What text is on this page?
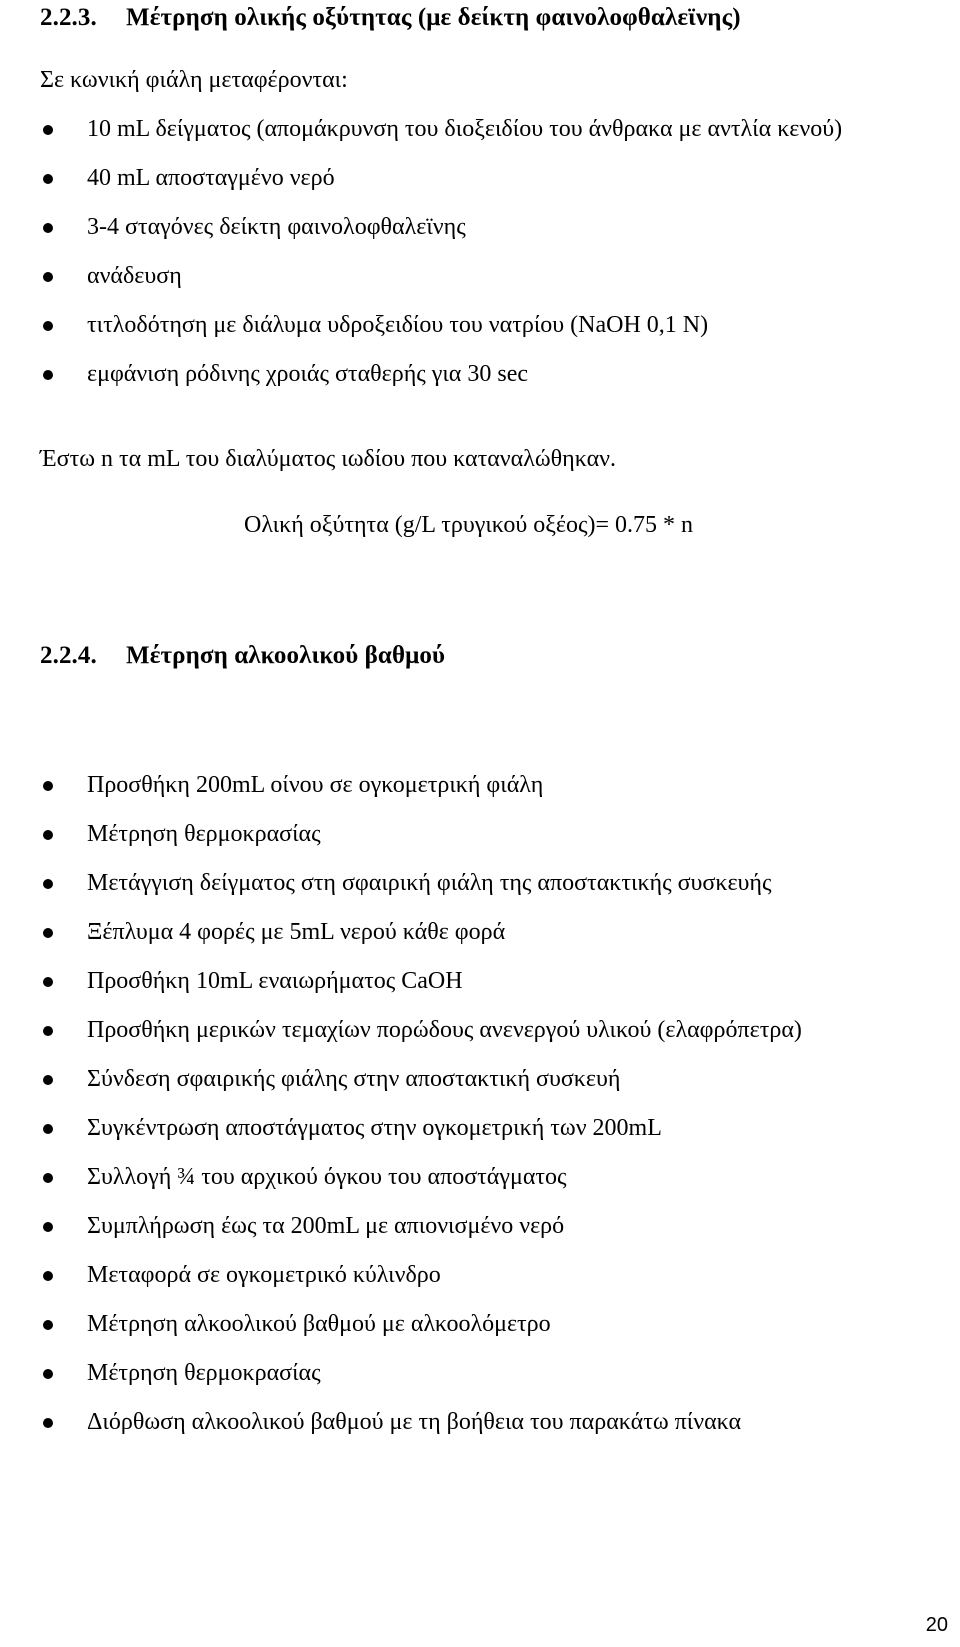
2.2.3. Μέτρηση ολικής οξύτητας (με δείκτη φαινολοφθαλεϊνης)
Σε κωνική φιάλη μεταφέρονται:
10 mL δείγματος (απομάκρυνση του διοξειδίου του άνθρακα με αντλία κενού)
40 mL αποσταγμένο νερό
3-4 σταγόνες δείκτη φαινολοφθαλεϊνης
ανάδευση
τιτλοδότηση με διάλυμα υδροξειδίου του νατρίου (NaOH 0,1 N)
εμφάνιση ρόδινης χροιάς σταθερής για 30 sec
Έστω n τα mL του διαλύματος ιωδίου που καταναλώθηκαν.
Ολική οξύτητα (g/L τρυγικού οξέος)= 0.75 * n
2.2.4. Μέτρηση αλκοολικού βαθμού
Προσθήκη 200mL οίνου σε ογκομετρική φιάλη
Μέτρηση θερμοκρασίας
Μετάγγιση δείγματος στη σφαιρική φιάλη της αποστακτικής συσκευής
Ξέπλυμα 4 φορές με 5mL νερού κάθε φορά
Προσθήκη 10mL εναιωρήματος CaOH
Προσθήκη μερικών τεμαχίων πορώδους ανενεργού υλικού (ελαφρόπετρα)
Σύνδεση σφαιρικής φιάλης στην αποστακτική συσκευή
Συγκέντρωση αποστάγματος στην ογκομετρική των 200mL
Συλλογή ¾ του αρχικού όγκου του αποστάγματος
Συμπλήρωση έως τα 200mL με απιονισμένο νερό
Μεταφορά σε ογκομετρικό κύλινδρο
Μέτρηση αλκοολικού βαθμού με αλκοολόμετρο
Μέτρηση θερμοκρασίας
Διόρθωση αλκοολικού βαθμού με τη βοήθεια του παρακάτω πίνακα
20
